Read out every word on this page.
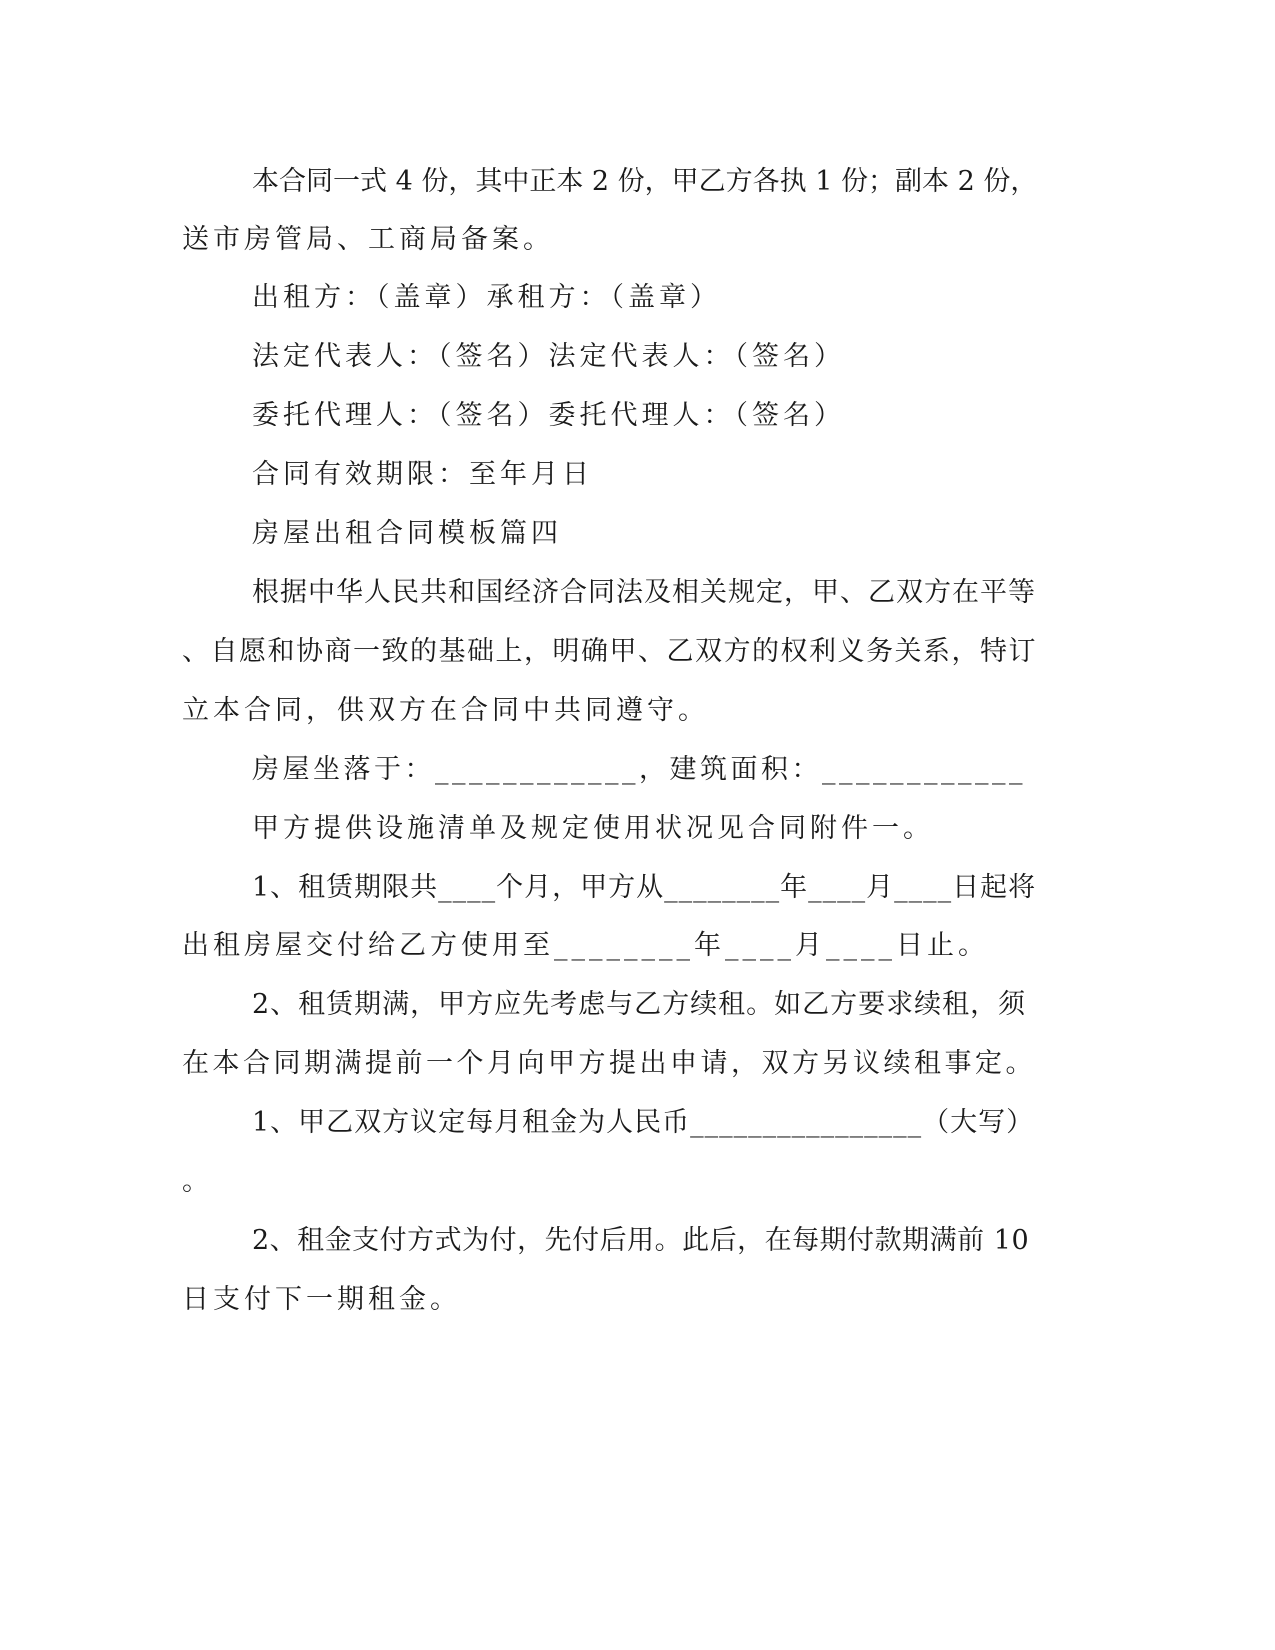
本合同一式 4 份，其中正本 2 份，甲乙方各执 1 份；副本 2 份，
送市房管局、工商局备案。
出租方：（盖章）承租方：（盖章）
法定代表人：（签名）法定代表人：（签名）
委托代理人：（签名）委托代理人：（签名）
合同有效期限：至年月日
房屋出租合同模板篇四
根据中华人民共和国经济合同法及相关规定，甲、乙双方在平等
、自愿和协商一致的基础上，明确甲、乙双方的权利义务关系，特订
立本合同，供双方在合同中共同遵守。
房屋坐落于：____________，建筑面积：____________
甲方提供设施清单及规定使用状况见合同附件一。
1、租赁期限共____个月，甲方从________年____月____日起将
出租房屋交付给乙方使用至________年____月____日止。
2、租赁期满，甲方应先考虑与乙方续租。如乙方要求续租，须
在本合同期满提前一个月向甲方提出申请，双方另议续租事定。
1、甲乙双方议定每月租金为人民币________________（大写）
。
2、租金支付方式为付，先付后用。此后，在每期付款期满前 10
日支付下一期租金。
